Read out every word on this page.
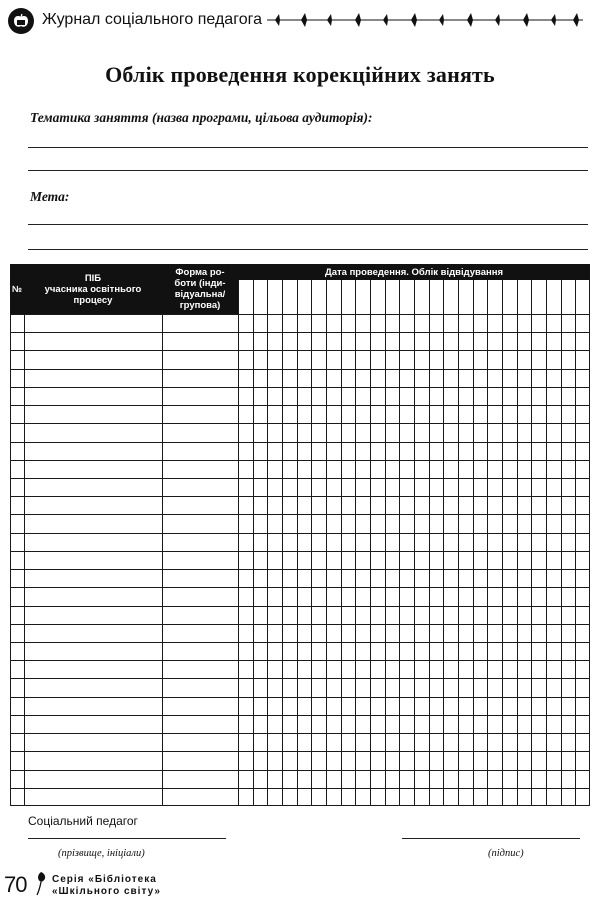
Журнал соціального педагога
Облік проведення корекційних занять
Тематика заняття (назва програми, цільова аудиторія):
Мета:
№
ПІБ
учасника освітнього
процесу
Форма ро-
боти (інди-
відуальна/
групова)
Дата проведення. Облік відвідування
Соціальний педагог
(прізвище, ініціали)	(підпис)
70	Серія «Бібліотека
«Шкільного світу»
